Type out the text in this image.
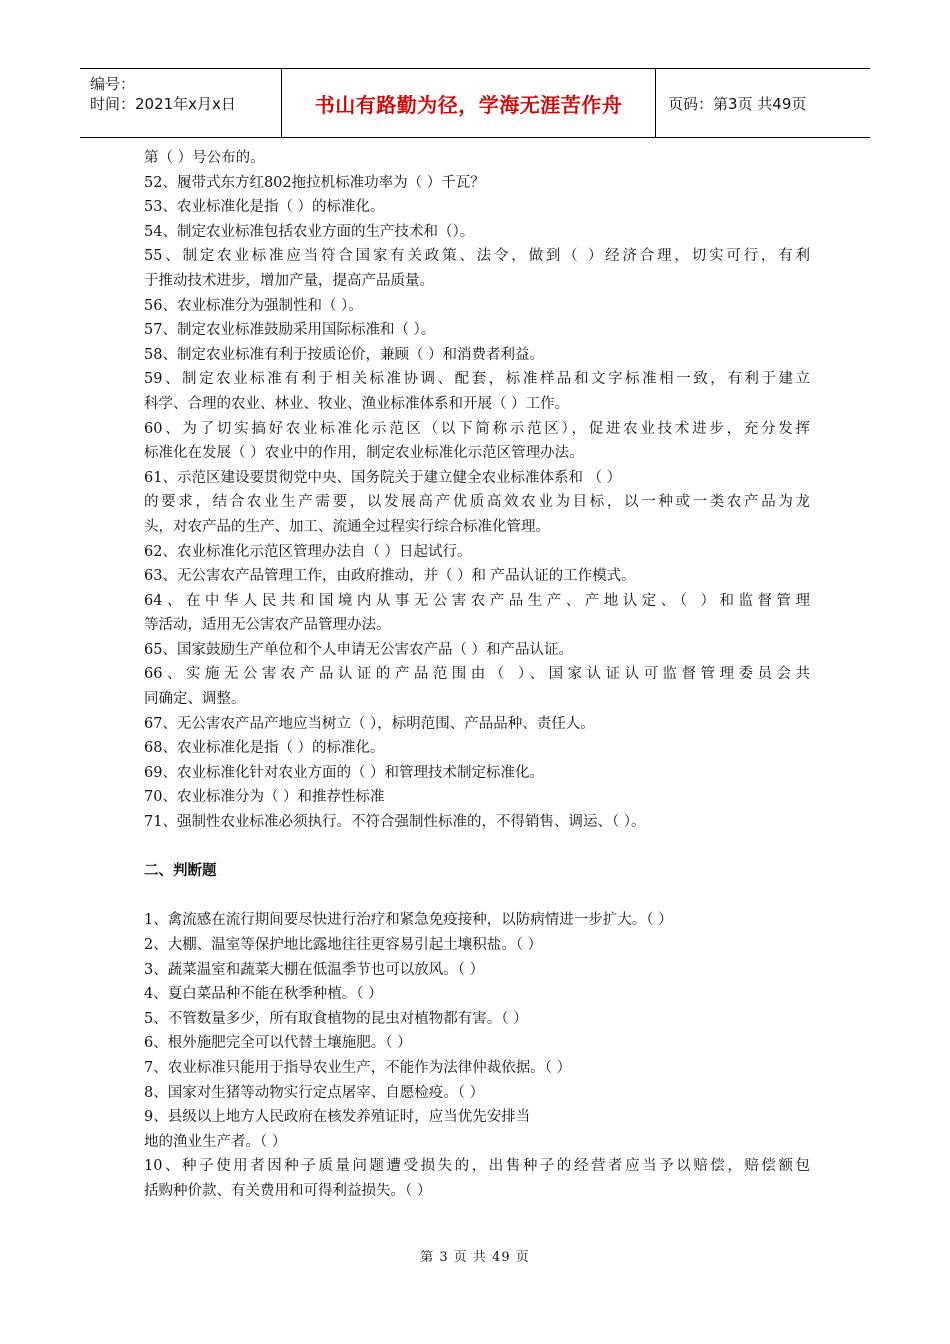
编号：
时间：2021年x月x日	书山有路勤为径，学海无涯苦作舟	页码：第3页 共49页
第（ ）号公布的。
52、履带式东方红802拖拉机标准功率为（ ）千瓦？
53、农业标准化是指（ ）的标准化。
54、制定农业标准包括农业方面的生产技术和（）。
55、制定农业标准应当符合国家有关政策、法令，做到（ ）经济合理，切实可行，有利
于推动技术进步，增加产量，提高产品质量。
56、农业标准分为强制性和（ ）。
57、制定农业标准鼓励采用国际标准和（ ）。
58、制定农业标准有利于按质论价，兼顾（ ）和消费者利益。
59、制定农业标准有利于相关标准协调、配套，标准样品和文字标准相一致，有利于建立
科学、合理的农业、林业、牧业、渔业标准体系和开展（ ）工作。
60、为了切实搞好农业标准化示范区（以下简称示范区），促进农业技术进步，充分发挥
标准化在发展（ ）农业中的作用，制定农业标准化示范区管理办法。
61、示范区建设要贯彻党中央、国务院关于建立健全农业标准体系和 （ ）
的要求，结合农业生产需要，以发展高产优质高效农业为目标，以一种或一类农产品为龙
头，对农产品的生产、加工、流通全过程实行综合标准化管理。
62、农业标准化示范区管理办法自（ ）日起试行。
63、无公害农产品管理工作，由政府推动，并（ ）和 产品认证的工作模式。
64、在中华人民共和国境内从事无公害农产品生产、产地认定、（ ）和监督管理
等活动，适用无公害农产品管理办法。
65、国家鼓励生产单位和个人申请无公害农产品（ ）和产品认证。
66、实施无公害农产品认证的产品范围由（ ）、国家认证认可监督管理委员会共
同确定、调整。
67、无公害农产品产地应当树立（ ），标明范围、产品品种、责任人。
68、农业标准化是指（ ）的标准化。
69、农业标准化针对农业方面的（ ）和管理技术制定标准化。
70、农业标准分为（ ）和推荐性标准
71、强制性农业标准必须执行。不符合强制性标准的，不得销售、调运、（ ）。
二、判断题
1、禽流感在流行期间要尽快进行治疗和紧急免疫接种，以防病情进一步扩大。（ ）
2、大棚、温室等保护地比露地往往更容易引起土壤积盐。（ ）
3、蔬菜温室和蔬菜大棚在低温季节也可以放风。（ ）
4、夏白菜品种不能在秋季种植。（ ）
5、不管数量多少，所有取食植物的昆虫对植物都有害。（ ）
6、根外施肥完全可以代替土壤施肥。（ ）
7、农业标准只能用于指导农业生产，不能作为法律仲裁依据。（ ）
8、国家对生猪等动物实行定点屠宰、自愿检疫。（ ）
9、县级以上地方人民政府在核发养殖证时，应当优先安排当
地的渔业生产者。（ ）
10、种子使用者因种子质量问题遭受损失的，出售种子的经营者应当予以赔偿，赔偿额包
括购种价款、有关费用和可得利益损失。（ ）
第 3 页 共 49 页
